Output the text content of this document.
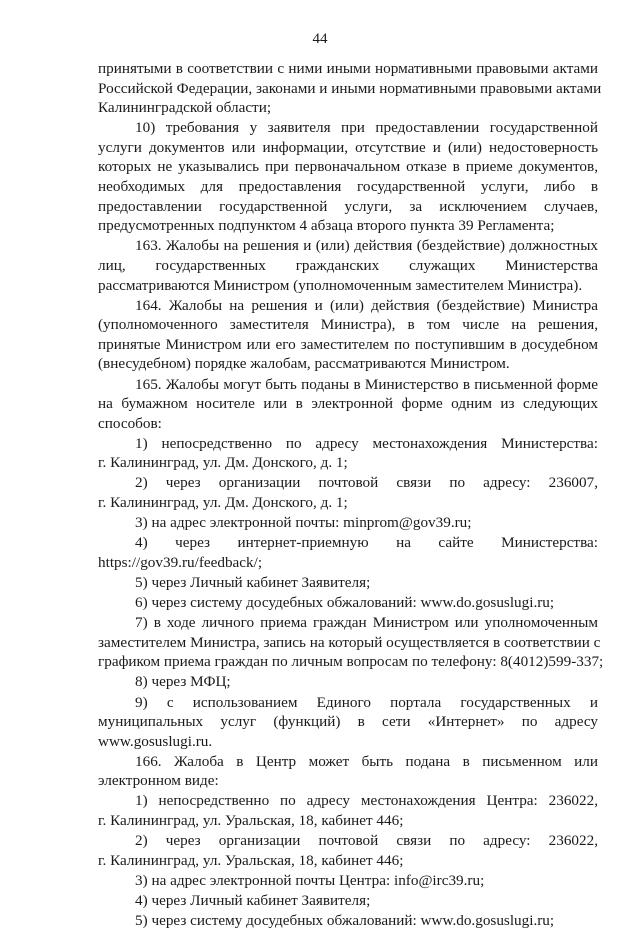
44
принятыми в соответствии с ними иными нормативными правовыми актами
Российской Федерации, законами и иными нормативными правовыми актами
Калининградской области;
10) требования у заявителя при предоставлении государственной
услуги документов или информации, отсутствие и (или) недостоверность
которых не указывались при первоначальном отказе в приеме документов,
необходимых для предоставления государственной услуги, либо в
предоставлении государственной услуги, за исключением случаев,
предусмотренных подпунктом 4 абзаца второго пункта 39 Регламента;
163. Жалобы на решения и (или) действия (бездействие) должностных
лиц, государственных гражданских служащих Министерства
рассматриваются Министром (уполномоченным заместителем Министра).
164. Жалобы на решения и (или) действия (бездействие) Министра
(уполномоченного заместителя Министра), в том числе на решения,
принятые Министром или его заместителем по поступившим в досудебном
(внесудебном) порядке жалобам, рассматриваются Министром.
165. Жалобы могут быть поданы в Министерство в письменной форме
на бумажном носителе или в электронной форме одним из следующих
способов:
1) непосредственно по адресу местонахождения Министерства:
г. Калининград, ул. Дм. Донского, д. 1;
2) через организации почтовой связи по адресу: 236007,
г. Калининград, ул. Дм. Донского, д. 1;
3) на адрес электронной почты: minprom@gov39.ru;
4) через интернет-приемную на сайте Министерства:
https://gov39.ru/feedback/;
5) через Личный кабинет Заявителя;
6) через систему досудебных обжалований: www.do.gosuslugi.ru;
7) в ходе личного приема граждан Министром или уполномоченным
заместителем Министра, запись на который осуществляется в соответствии с
графиком приема граждан по личным вопросам по телефону: 8(4012)599-337;
8) через МФЦ;
9) с использованием Единого портала государственных и
муниципальных услуг (функций) в сети «Интернет» по адресу
www.gosuslugi.ru.
166. Жалоба в Центр может быть подана в письменном или
электронном виде:
1) непосредственно по адресу местонахождения Центра: 236022,
г. Калининград, ул. Уральская, 18, кабинет 446;
2) через организации почтовой связи по адресу: 236022,
г. Калининград, ул. Уральская, 18, кабинет 446;
3) на адрес электронной почты Центра: info@irc39.ru;
4) через Личный кабинет Заявителя;
5) через систему досудебных обжалований: www.do.gosuslugi.ru;
